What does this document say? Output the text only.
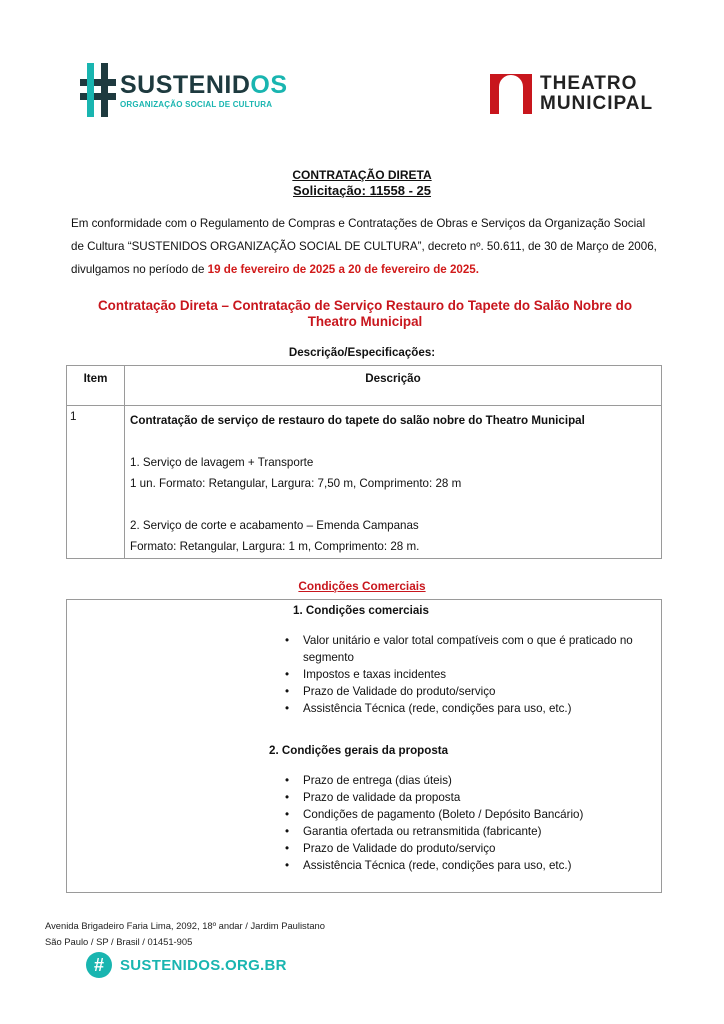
SUSTENIDOS
ORGANIZAÇÃO SOCIAL DE CULTURA
THEATRO
MUNICIPAL
CONTRATAÇÃO DIRETA
Solicitação: 11558 - 25

Em conformidade com o Regulamento de Compras e Contratações de Obras e Serviços da Organização Social de Cultura “SUSTENIDOS ORGANIZAÇÃO SOCIAL DE CULTURA”, decreto nº. 50.611, de 30 de Março de 2006, divulgamos no período de 19 de fevereiro de 2025 a 20 de fevereiro de 2025.

Contratação Direta – Contratação de Serviço Restauro do Tapete do Salão Nobre do
Theatro Municipal
Descrição/Especificações:
Item	Descrição
1	Contratação de serviço de restauro do tapete do salão nobre do Theatro Municipal

1. Serviço de lavagem + Transporte

1 un. Formato: Retangular, Largura: 7,50 m, Comprimento: 28 m

2. Serviço de corte e acabamento – Emenda Campanas

Formato: Retangular, Largura: 1 m, Comprimento: 28 m.

Condições Comerciais
1. Condições comerciais
• Valor unitário e valor total compatíveis com o que é praticado no segmento
• Impostos e taxas incidentes
• Prazo de Validade do produto/serviço
• Assistência Técnica (rede, condições para uso, etc.)
2. Condições gerais da proposta
• Prazo de entrega (dias úteis)
• Prazo de validade da proposta
• Condições de pagamento (Boleto / Depósito Bancário)
• Garantia ofertada ou retransmitida (fabricante)
• Prazo de Validade do produto/serviço
• Assistência Técnica (rede, condições para uso, etc.)
Avenida Brigadeiro Faria Lima, 2092, 18º andar / Jardim Paulistano
São Paulo / SP / Brasil / 01451-905
#	SUSTENIDOS.ORG.BR
